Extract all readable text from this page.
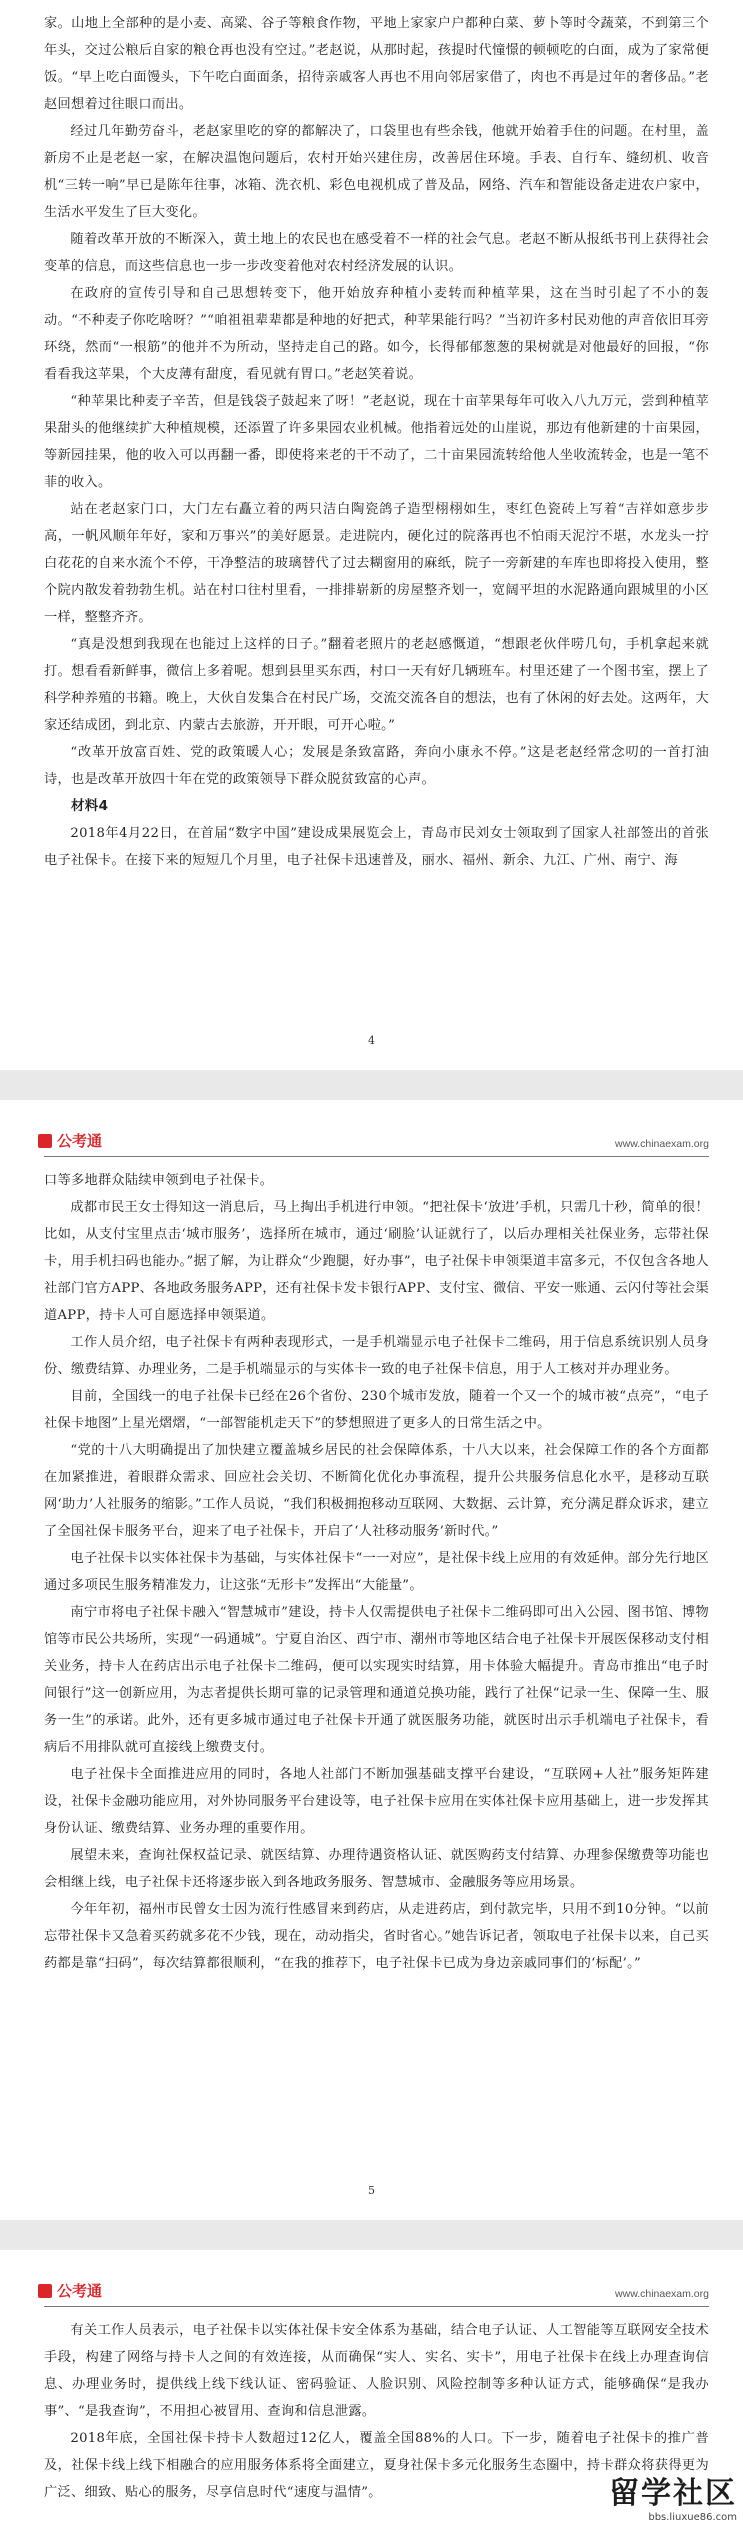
家。山地上全部种的是小麦、高粱、谷子等粮食作物，平地上家家户户都种白菜、萝卜等时令蔬菜，不到第三个年头，交过公粮后自家的粮仓再也没有空过。”老赵说，从那时起，孩提时代憧憬的顿顿吃的白面，成为了家常便饭。“早上吃白面馒头，下午吃白面面条，招待亲戚客人再也不用向邻居家借了，肉也不再是过年的奢侈品。”老赵回想着过往眼口而出。

经过几年勤劳奋斗，老赵家里吃的穿的都解决了，口袋里也有些余钱，他就开始着手住的问题。在村里，盖新房不止是老赵一家，在解决温饱问题后，农村开始兴建住房，改善居住环境。手表、自行车、缝纫机、收音机“三转一响”早已是陈年往事，冰箱、洗衣机、彩色电视机成了普及品，网络、汽车和智能设备走进农户家中，生活水平发生了巨大变化。

随着改革开放的不断深入，黄土地上的农民也在感受着不一样的社会气息。老赵不断从报纸书刊上获得社会变革的信息，而这些信息也一步一步改变着他对农村经济发展的认识。

在政府的宣传引导和自己思想转变下，他开始放弃种植小麦转而种植苹果，这在当时引起了不小的轰动。“不种麦子你吃啥呀？”“咱祖祖辈辈都是种地的好把式，种苹果能行吗？”当初许多村民劝他的声音依旧耳旁环绕，然而“一根筋”的他并不为所动，坚持走自己的路。如今，长得郁郁葱葱的果树就是对他最好的回报，“你看看我这苹果，个大皮薄有甜度，看见就有胃口。”老赵笑着说。

“种苹果比种麦子辛苦，但是钱袋子鼓起来了呀！”老赵说，现在十亩苹果每年可收入八九万元，尝到种植苹果甜头的他继续扩大种植规模，还添置了许多果园农业机械。他指着远处的山崖说，那边有他新建的十亩果园，等新园挂果，他的收入可以再翻一番，即使将来老的干不动了，二十亩果园流转给他人坐收流转金，也是一笔不菲的收入。

站在老赵家门口，大门左右矗立着的两只洁白陶瓷鸽子造型栩栩如生，枣红色瓷砖上写着“吉祥如意步步高，一帆风顺年年好，家和万事兴”的美好愿景。走进院内，硬化过的院落再也不怕雨天泥泞不堪，水龙头一拧白花花的自来水流个不停，干净整洁的玻璃替代了过去糊窗用的麻纸，院子一旁新建的车库也即将投入使用，整个院内散发着勃勃生机。站在村口往村里看，一排排崭新的房屋整齐划一，宽阔平坦的水泥路通向跟城里的小区一样，整整齐齐。

“真是没想到我现在也能过上这样的日子。”翻着老照片的老赵感慨道，“想跟老伙伴唠几句，手机拿起来就打。想看看新鲜事，微信上多着呢。想到县里买东西，村口一天有好几辆班车。村里还建了一个图书室，摆上了科学种养殖的书籍。晚上，大伙自发集合在村民广场，交流交流各自的想法，也有了休闲的好去处。这两年，大家还结成团，到北京、内蒙古去旅游，开开眼，可开心啦。”

“改革开放富百姓、党的政策暖人心；发展是条致富路，奔向小康永不停。”这是老赵经常念叨的一首打油诗，也是改革开放四十年在党的政策领导下群众脱贫致富的心声。

材料4

2018年4月22日，在首届“数字中国”建设成果展览会上，青岛市民刘女士领取到了国家人社部签出的首张电子社保卡。在接下来的短短几个月里，电子社保卡迅速普及，丽水、福州、新余、九江、广州、南宁、海

4
公考通	www.chinaexam.org

口等多地群众陆续申领到电子社保卡。

成都市民王女士得知这一消息后，马上掏出手机进行申领。“把社保卡‘放进’手机，只需几十秒，简单的很！比如，从支付宝里点击‘城市服务’，选择所在城市，通过‘刷脸’认证就行了，以后办理相关社保业务，忘带社保卡，用手机扫码也能办。”据了解，为让群众“少跑腿，好办事”，电子社保卡申领渠道丰富多元，不仅包含各地人社部门官方APP、各地政务服务APP，还有社保卡发卡银行APP、支付宝、微信、平安一账通、云闪付等社会渠道APP，持卡人可自愿选择申领渠道。

工作人员介绍，电子社保卡有两种表现形式，一是手机端显示电子社保卡二维码，用于信息系统识别人员身份、缴费结算、办理业务，二是手机端显示的与实体卡一致的电子社保卡信息，用于人工核对并办理业务。

目前，全国线一的电子社保卡已经在26个省份、230个城市发放，随着一个又一个的城市被“点亮”，“电子社保卡地图”上星光熠熠，“一部智能机走天下”的梦想照进了更多人的日常生活之中。

“党的十八大明确提出了加快建立覆盖城乡居民的社会保障体系，十八大以来，社会保障工作的各个方面都在加紧推进，着眼群众需求、回应社会关切、不断简化优化办事流程，提升公共服务信息化水平，是移动互联网‘助力’人社服务的缩影。”工作人员说，“我们积极拥抱移动互联网、大数据、云计算，充分满足群众诉求，建立了全国社保卡服务平台，迎来了电子社保卡，开启了‘人社移动服务’新时代。”

电子社保卡以实体社保卡为基础，与实体社保卡“一一对应”，是社保卡线上应用的有效延伸。部分先行地区通过多项民生服务精准发力，让这张“无形卡”发挥出“大能量”。

南宁市将电子社保卡融入“智慧城市”建设，持卡人仅需提供电子社保卡二维码即可出入公园、图书馆、博物馆等市民公共场所，实现“一码通城”。宁夏自治区、西宁市、潮州市等地区结合电子社保卡开展医保移动支付相关业务，持卡人在药店出示电子社保卡二维码，便可以实现实时结算，用卡体验大幅提升。青岛市推出“电子时间银行”这一创新应用，为志者提供长期可靠的记录管理和通道兑换功能，践行了社保“记录一生、保障一生、服务一生”的承诺。此外，还有更多城市通过电子社保卡开通了就医服务功能，就医时出示手机端电子社保卡，看病后不用排队就可直接线上缴费支付。

电子社保卡全面推进应用的同时，各地人社部门不断加强基础支撑平台建设，“互联网+人社”服务矩阵建设，社保卡金融功能应用，对外协同服务平台建设等，电子社保卡应用在实体社保卡应用基础上，进一步发挥其身份认证、缴费结算、业务办理的重要作用。

展望未来，查询社保权益记录、就医结算、办理待遇资格认证、就医购药支付结算、办理参保缴费等功能也会相继上线，电子社保卡还将逐步嵌入到各地政务服务、智慧城市、金融服务等应用场景。

今年年初，福州市民曾女士因为流行性感冒来到药店，从走进药店，到付款完毕，只用不到10分钟。“以前忘带社保卡又急着买药就多花不少钱，现在，动动指尖，省时省心。”她告诉记者，领取电子社保卡以来，自己买药都是靠“扫码”，每次结算都很顺利，“在我的推荐下，电子社保卡已成为身边亲戚同事们的‘标配’。”

5
公考通	www.chinaexam.org

有关工作人员表示，电子社保卡以实体社保卡安全体系为基础，结合电子认证、人工智能等互联网安全技术手段，构建了网络与持卡人之间的有效连接，从而确保“实人、实名、实卡”，用电子社保卡在线上办理查询信息、办理业务时，提供线上线下线认证、密码验证、人脸识别、风险控制等多种认证方式，能够确保“是我办事”、“是我查询”，不用担心被冒用、查询和信息泄露。

2018年底，全国社保卡持卡人数超过12亿人，覆盖全国88%的人口。下一步，随着电子社保卡的推广普及，社保卡线上线下相融合的应用服务体系将全面建立，夏身社保卡多元化服务生态圈中，持卡群众将获得更为广泛、细致、贴心的服务，尽享信息时代“速度与温情”。	留学社区
bbs.liuxue86.com
